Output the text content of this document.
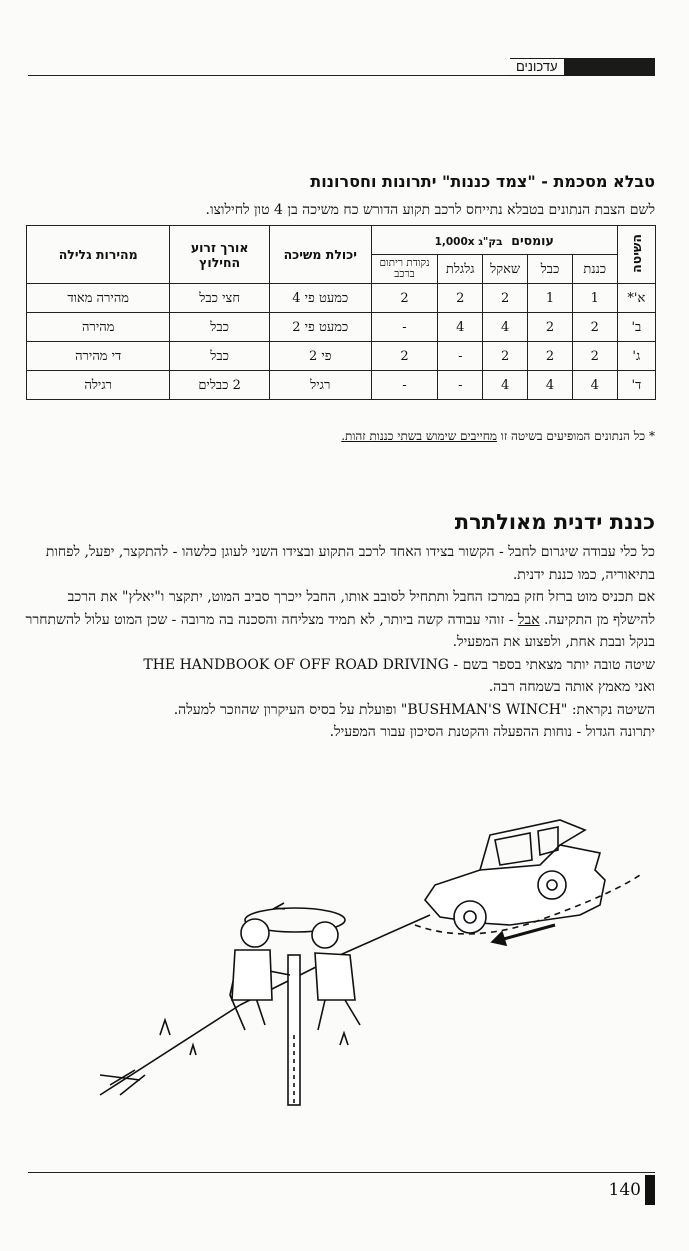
עדכונים
טבלא מסכמת - "צמד כננות" יתרונות וחסרונות
לשם הצבת הנתונים בטבלא נתייחס לרכב תקוע הדורש כח משיכה בן 4 טון לחילוצו.
השיטה	עומסים  בק"ג 1,000x					יכולת משיכה	אורך זרוע החילוץ	מהירות גלילה
	כננת	כבל	שאקל	גלגלת	נקודת ריתום ברכב			
א'*	1	1	2	2	2	כמעט פי 4	חצי כבל	מהירה מאוד
ב'	2	2	4	4	-	כמעט פי 2	כבל	מהירה
ג'	2	2	2	-	2	פי 2	כבל	די מהירה
ד'	4	4	4	-	-	רגיל	2 כבלים	רגילה
* כל הנתונים המופיעים בשיטה זו מחייבים שימוש בשתי כננות זהות.
כננת ידנית מאולתרת

כל כלי עבודה שיגרום לחבל - הקשור בצידו האחד לרכב התקוע ובצידו השני לעוגן כלשהו - להתקצר, יפעל, לפחות בתיאוריה, כמו כננת ידנית.

אם תכניס מוט ברזל חזק במרכז החבל ותתחיל לסובב אותו, החבל ייכרך סביב המוט, יתקצר ו"יאלץ" את הרכב להישלף מן התקיעה. אבל - זוהי עבודה קשה ביותר, לא תמיד מצליחה והסכנה בה מרובה - שכן המוט עלול להשתחרר בנקל ובבת אחת, ולפצוע את המפעיל.

שיטה טובה יותר מצאתי בספר בשם - THE HANDBOOK OF OFF ROAD DRIVING

ואני מאמץ אותה בשמחה רבה.

השיטה נקראת: "BUSHMAN'S WINCH" ופועלת על בסיס העיקרון שהוזכר למעלה.

יתרונה הגדול - נוחות ההפעלה והקטנת הסיכון עבור המפעיל.

140
